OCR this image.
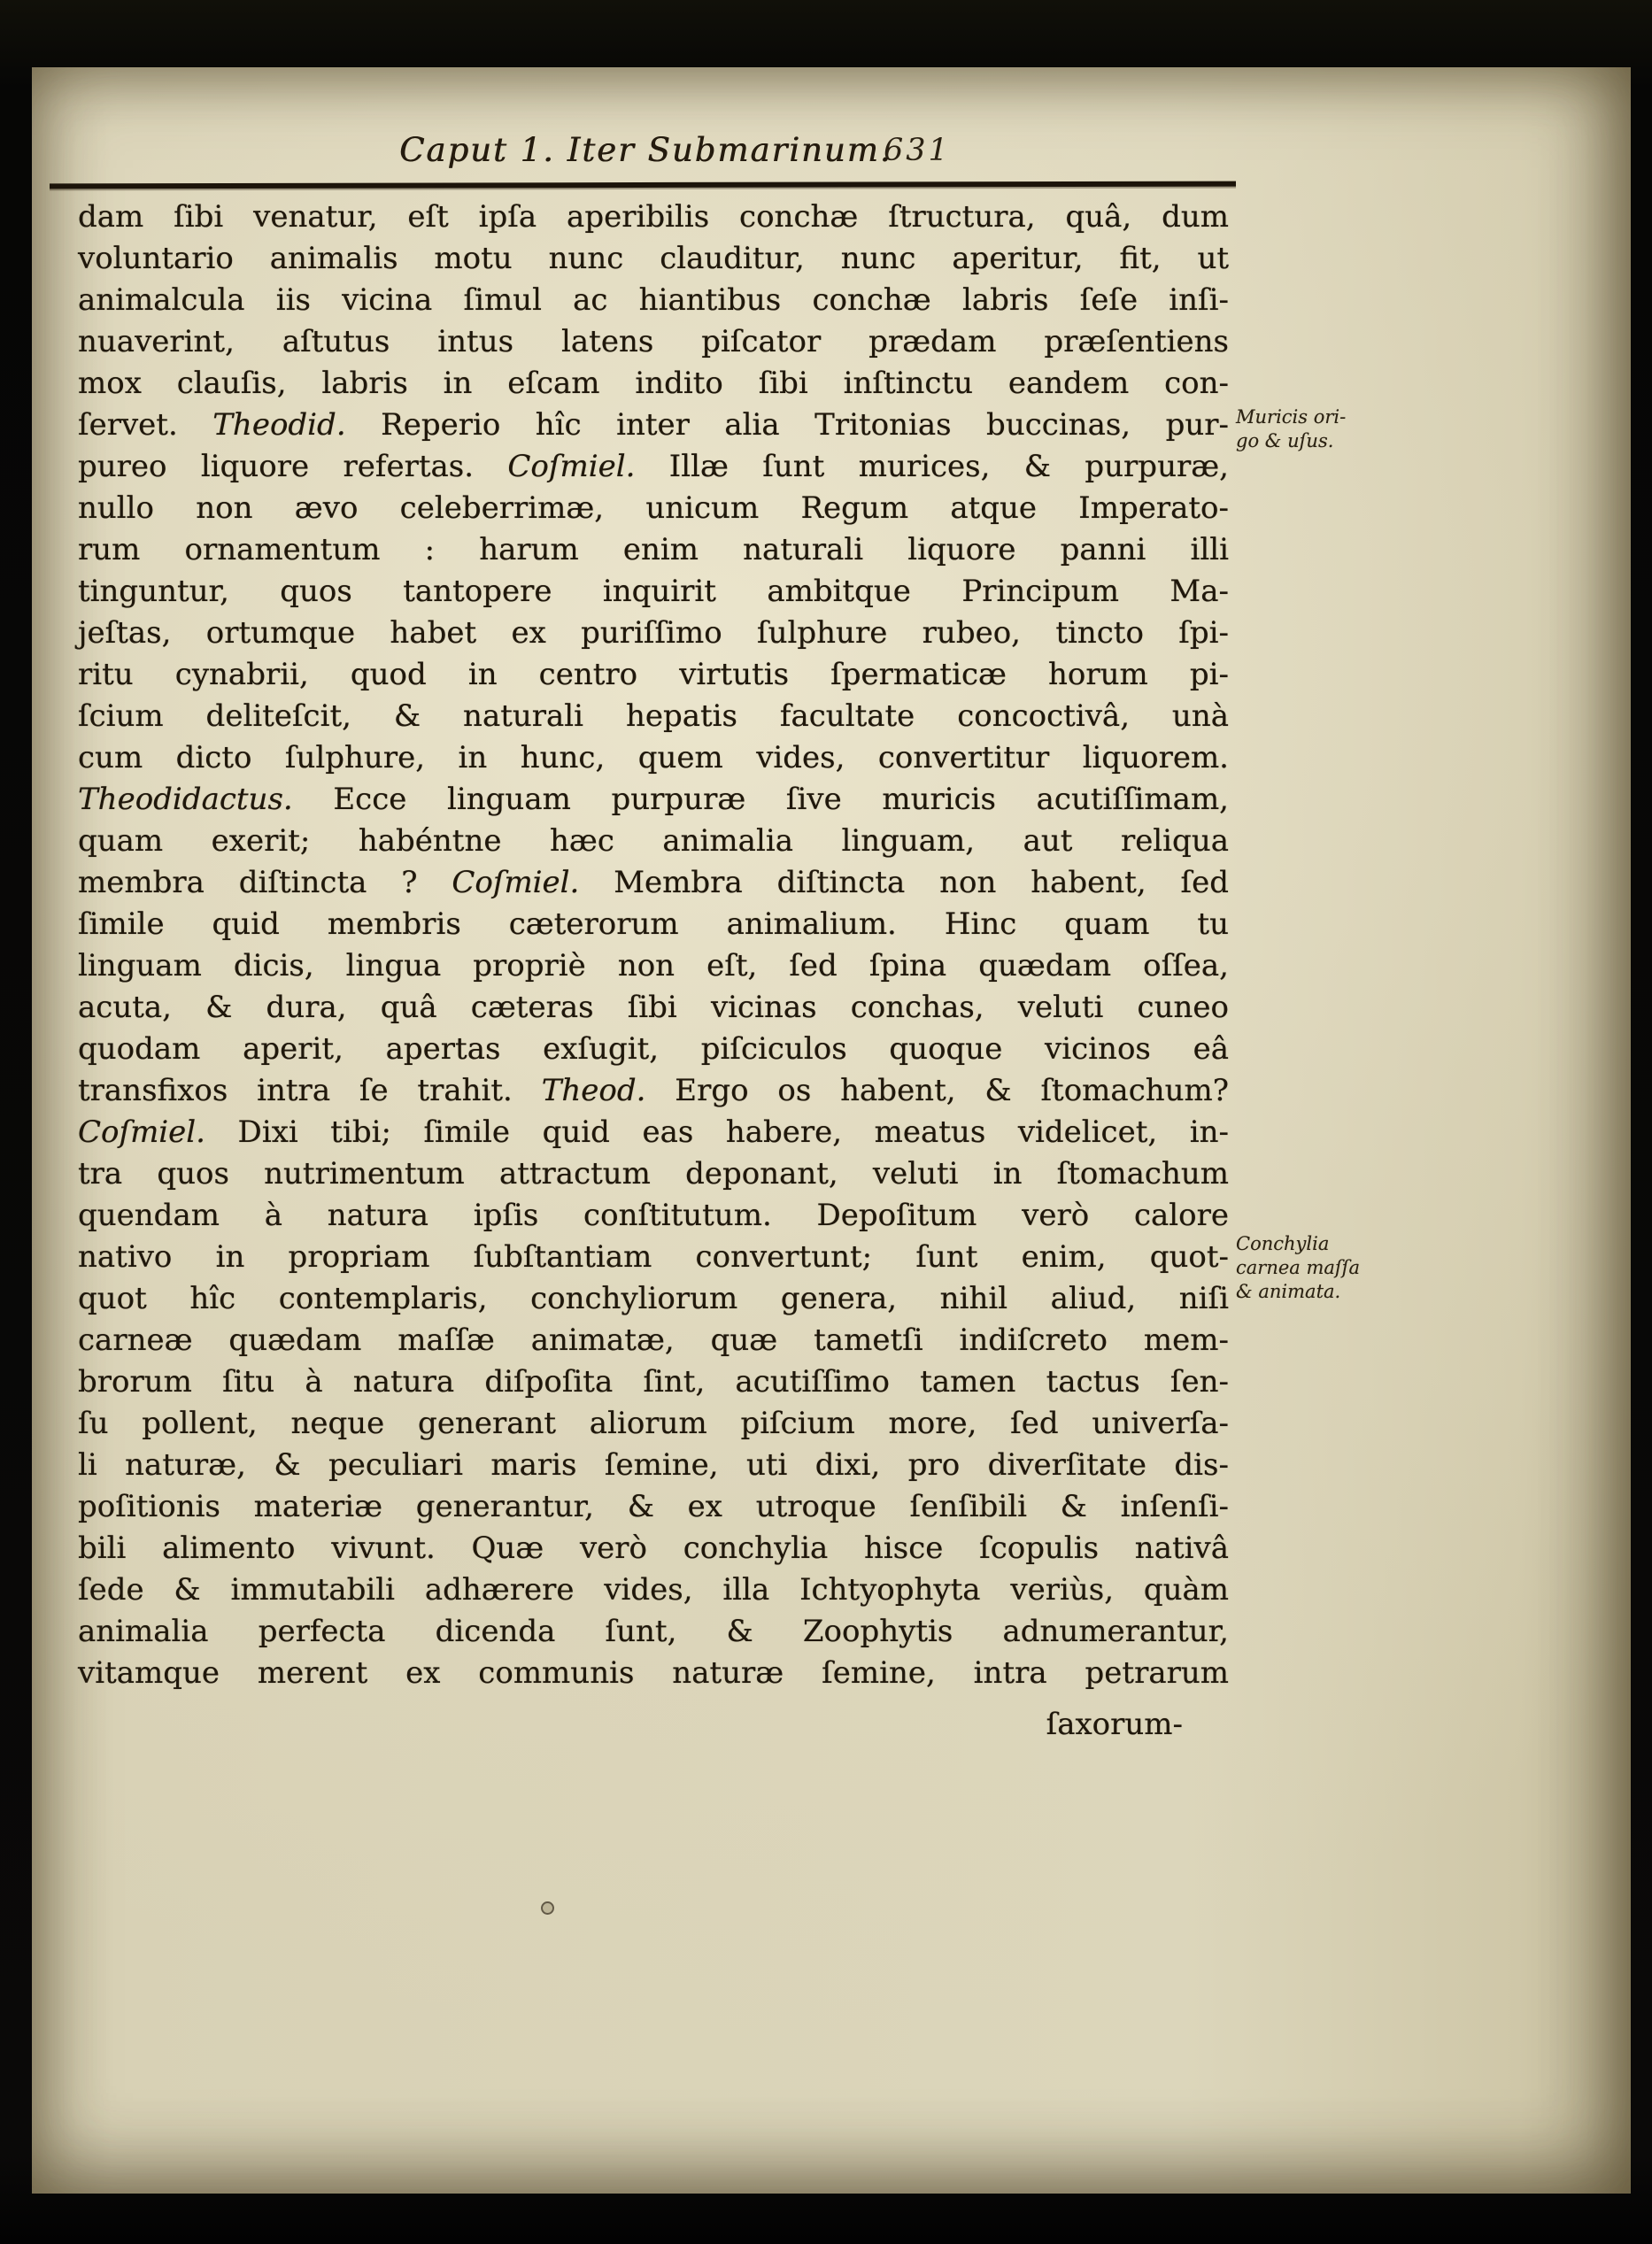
Caput 1. Iter Submarinum.
631
dam ſibi venatur, eſt ipſa aperibilis conchæ ſtructura, quâ, dum
voluntario animalis motu nunc clauditur, nunc aperitur, fit, ut
animalcula iis vicina ſimul ac hiantibus conchæ labris ſeſe inſi-
nuaverint, aſtutus intus latens piſcator prædam præſentiens
mox clauſis, labris in eſcam indito ſibi inſtinctu eandem con-
ſervet. Theodid. Reperio hîc inter alia Tritonias buccinas, pur-
pureo liquore refertas. Coſmiel. Illæ ſunt murices, & purpuræ,
nullo non ævo celeberrimæ, unicum Regum atque Imperato-
rum ornamentum : harum enim naturali liquore panni illi
tinguntur, quos tantopere inquirit ambitque Principum Ma-
jeſtas, ortumque habet ex puriſſimo ſulphure rubeo, tincto ſpi-
ritu cynabrii, quod in centro virtutis ſpermaticæ horum pi-
ſcium deliteſcit, & naturali hepatis facultate concoctivâ, unà
cum dicto ſulphure, in hunc, quem vides, convertitur liquorem.
Theodidactus. Ecce linguam purpuræ ſive muricis acutiſſimam,
quam exerit; habéntne hæc animalia linguam, aut reliqua
membra diſtincta ? Coſmiel. Membra diſtincta non habent, ſed
ſimile quid membris cæterorum animalium. Hinc quam tu
linguam dicis, lingua propriè non eſt, ſed ſpina quædam oſſea,
acuta, & dura, quâ cæteras ſibi vicinas conchas, veluti cuneo
quodam aperit, apertas exſugit, piſciculos quoque vicinos eâ
transfixos intra ſe trahit. Theod. Ergo os habent, & ſtomachum?
Coſmiel. Dixi tibi; ſimile quid eas habere, meatus videlicet, in-
tra quos nutrimentum attractum deponant, veluti in ſtomachum
quendam à natura ipſis conſtitutum. Depoſitum verò calore
nativo in propriam ſubſtantiam convertunt; ſunt enim, quot-
quot hîc contemplaris, conchyliorum genera, nihil aliud, niſi
carneæ quædam maſſæ animatæ, quæ tametſi indiſcreto mem-
brorum ſitu à natura diſpoſita ſint, acutiſſimo tamen tactus ſen-
ſu pollent, neque generant aliorum piſcium more, ſed univerſa-
li naturæ, & peculiari maris ſemine, uti dixi, pro diverſitate dis-
poſitionis materiæ generantur, & ex utroque ſenſibili & inſenſi-
bili alimento vivunt. Quæ verò conchylia hisce ſcopulis nativâ
ſede & immutabili adhærere vides, illa Ichtyophyta veriùs, quàm
animalia perfecta dicenda ſunt, & Zoophytis adnumerantur,
vitamque merent ex communis naturæ ſemine, intra petrarum
Muricis ori-
go & uſus.
Conchylia
carnea maſſa
& animata.
ſaxorum-
